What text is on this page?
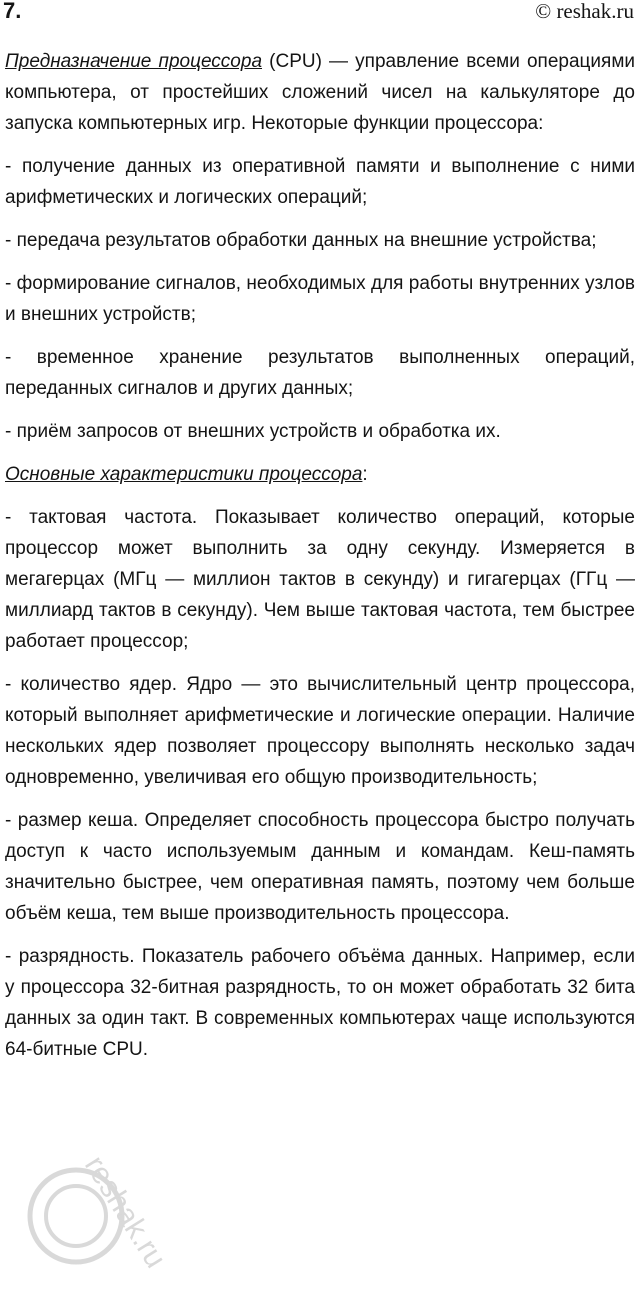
7.	© reshak.ru

Предназначение процессора (CPU) — управление всеми операциями компьютера, от простейших сложений чисел на калькуляторе до запуска компьютерных игр. Некоторые функции процессора:

- получение данных из оперативной памяти и выполнение с ними арифметических и логических операций;

- передача результатов обработки данных на внешние устройства;

- формирование сигналов, необходимых для работы внутренних узлов и внешних устройств;

- временное хранение результатов выполненных операций, переданных сигналов и других данных;

- приём запросов от внешних устройств и обработка их.

Основные характеристики процессора:

- тактовая частота. Показывает количество операций, которые процессор может выполнить за одну секунду. Измеряется в мегагерцах (МГц — миллион тактов в секунду) и гигагерцах (ГГц — миллиард тактов в секунду). Чем выше тактовая частота, тем быстрее работает процессор;

- количество ядер. Ядро — это вычислительный центр процессора, который выполняет арифметические и логические операции. Наличие нескольких ядер позволяет процессору выполнять несколько задач одновременно, увеличивая его общую производительность;

- размер кеша. Определяет способность процессора быстро получать доступ к часто используемым данным и командам. Кеш-память значительно быстрее, чем оперативная память, поэтому чем больше объём кеша, тем выше производительность процессора.

- разрядность. Показатель рабочего объёма данных. Например, если у процессора 32-битная разрядность, то он может обработать 32 бита данных за один такт. В современных компьютерах чаще используются 64-битные CPU.

reshak.ru
